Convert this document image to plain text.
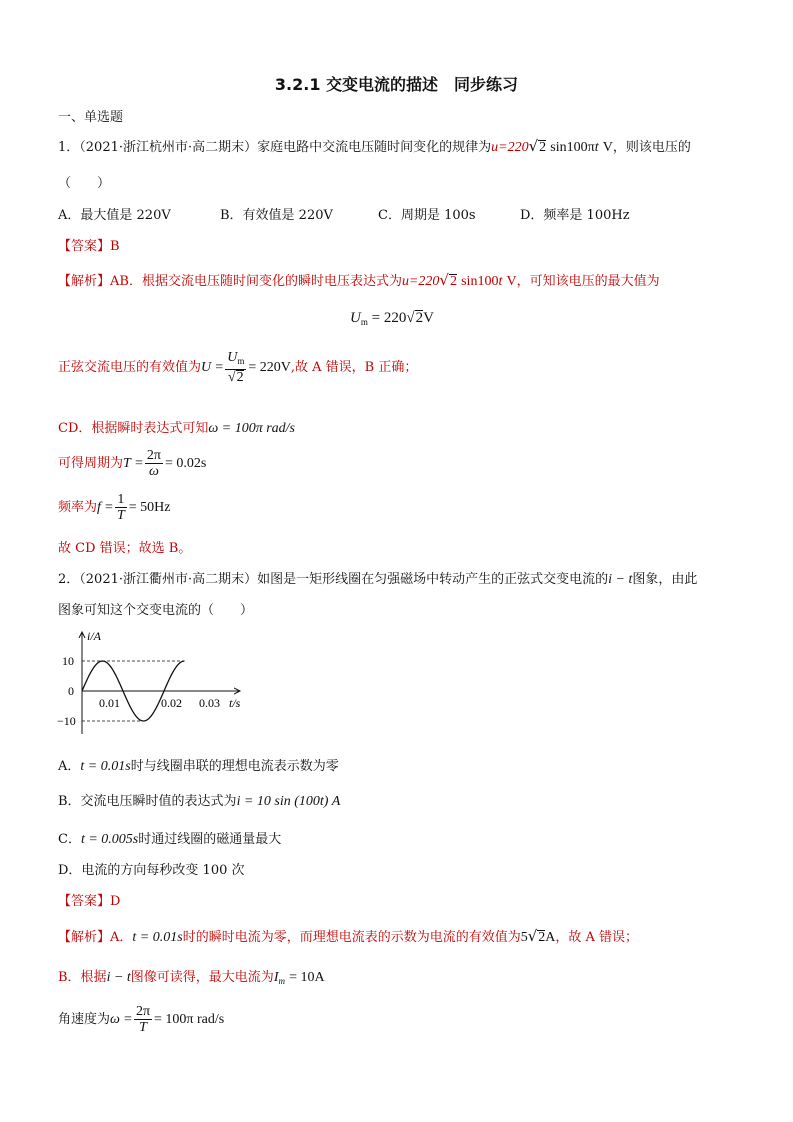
3.2.1 交变电流的描述　同步练习
一、单选题
1．（2021·浙江杭州市·高二期末）家庭电路中交流电压随时间变化的规律为u=220√2 sin100πt V，则该电压的
（　　）
A．最大值是 220V	B．有效值是 220V	C．周期是 100s	D．频率是 100Hz
【答案】B
【解析】AB．根据交流电压随时间变化的瞬时电压表达式为u=220√2 sin100t V，可知该电压的最大值为
$U_m = 220√2V$
正弦交流电压的有效值为$U = \frac{U_m}{√2} = 220V$,故 A 错误，B 正确；
CD．根据瞬时表达式可知ω = 100π rad/s
可得周期为$T = \frac{2\pi}{\omega} = 0.02s$
频率为$f = \frac{1}{T} = 50Hz$
故 CD 错误；故选 B。
2．（2021·浙江衢州市·高二期末）如图是一矩形线圈在匀强磁场中转动产生的正弦式交变电流的i − t图象，由此
图象可知这个交变电流的（　　）
i/A
10
0
−10
0.01	0.02 0.03 t/s
A．t = 0.01s时与线圈串联的理想电流表示数为零
B．交流电压瞬时值的表达式为i = 10 sin (100t) A
C．t = 0.005s时通过线圈的磁通量最大
D．电流的方向每秒改变 100 次
【答案】D
【解析】A．t = 0.01s时的瞬时电流为零，而理想电流表的示数为电流的有效值为5√2A，故 A 错误；
B．根据i − t图像可读得，最大电流为$I_m = 10A$
角速度为$\omega = \frac{2\pi}{T} = 100\pi$ rad/s
